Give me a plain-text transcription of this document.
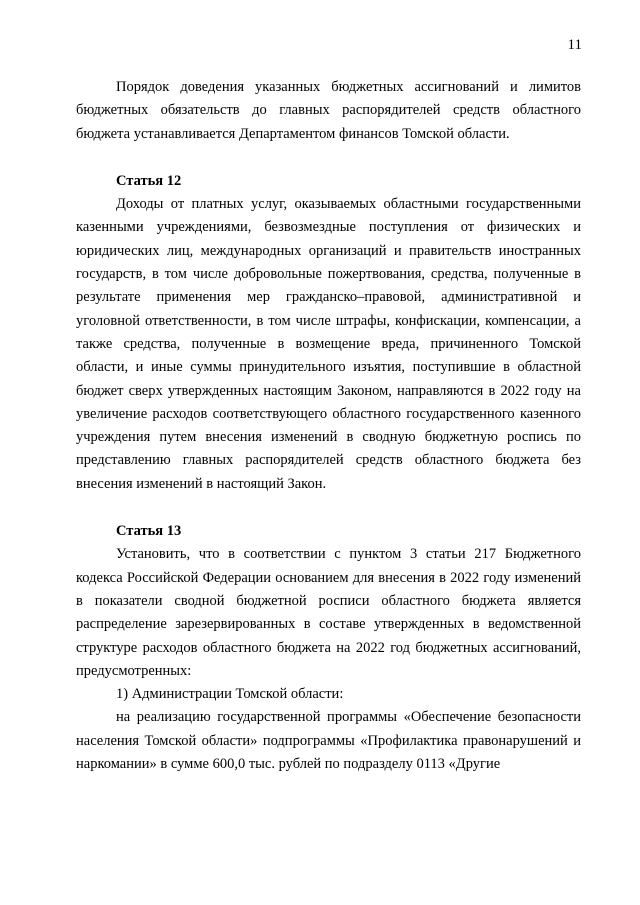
11

Порядок доведения указанных бюджетных ассигнований и лимитов бюджетных обязательств до главных распорядителей средств областного бюджета устанавливается Департаментом финансов Томской области.

Статья 12

Доходы от платных услуг, оказываемых областными государственными казенными учреждениями, безвозмездные поступления от физических и юридических лиц, международных организаций и правительств иностранных государств, в том числе добровольные пожертвования, средства, полученные в результате применения мер гражданско–правовой, административной и уголовной ответственности, в том числе штрафы, конфискации, компенсации, а также средства, полученные в возмещение вреда, причиненного Томской области, и иные суммы принудительного изъятия, поступившие в областной бюджет сверх утвержденных настоящим Законом, направляются в 2022 году на увеличение расходов соответствующего областного государственного казенного учреждения путем внесения изменений в сводную бюджетную роспись по представлению главных распорядителей средств областного бюджета без внесения изменений в настоящий Закон.

Статья 13

Установить, что в соответствии с пунктом 3 статьи 217 Бюджетного кодекса Российской Федерации основанием для внесения в 2022 году изменений в показатели сводной бюджетной росписи областного бюджета является распределение зарезервированных в составе утвержденных в ведомственной структуре расходов областного бюджета на 2022 год бюджетных ассигнований, предусмотренных:

1) Администрации Томской области:

на реализацию государственной программы «Обеспечение безопасности населения Томской области» подпрограммы «Профилактика правонарушений и наркомании» в сумме 600,0 тыс. рублей по подразделу 0113 «Другие
